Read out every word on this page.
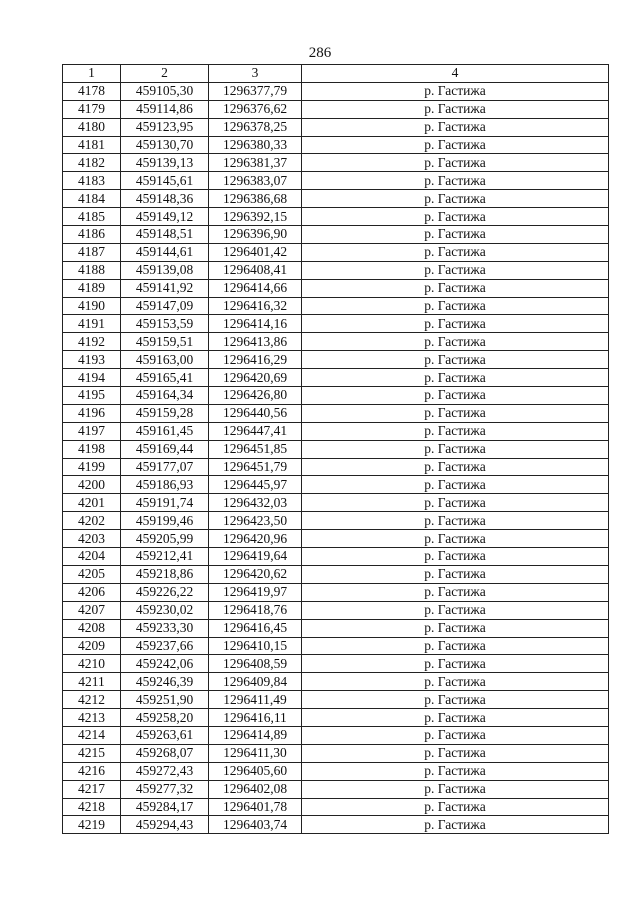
286
1	2	3	4
4178	459105,30	1296377,79	р. Гастижа
4179	459114,86	1296376,62	р. Гастижа
4180	459123,95	1296378,25	р. Гастижа
4181	459130,70	1296380,33	р. Гастижа
4182	459139,13	1296381,37	р. Гастижа
4183	459145,61	1296383,07	р. Гастижа
4184	459148,36	1296386,68	р. Гастижа
4185	459149,12	1296392,15	р. Гастижа
4186	459148,51	1296396,90	р. Гастижа
4187	459144,61	1296401,42	р. Гастижа
4188	459139,08	1296408,41	р. Гастижа
4189	459141,92	1296414,66	р. Гастижа
4190	459147,09	1296416,32	р. Гастижа
4191	459153,59	1296414,16	р. Гастижа
4192	459159,51	1296413,86	р. Гастижа
4193	459163,00	1296416,29	р. Гастижа
4194	459165,41	1296420,69	р. Гастижа
4195	459164,34	1296426,80	р. Гастижа
4196	459159,28	1296440,56	р. Гастижа
4197	459161,45	1296447,41	р. Гастижа
4198	459169,44	1296451,85	р. Гастижа
4199	459177,07	1296451,79	р. Гастижа
4200	459186,93	1296445,97	р. Гастижа
4201	459191,74	1296432,03	р. Гастижа
4202	459199,46	1296423,50	р. Гастижа
4203	459205,99	1296420,96	р. Гастижа
4204	459212,41	1296419,64	р. Гастижа
4205	459218,86	1296420,62	р. Гастижа
4206	459226,22	1296419,97	р. Гастижа
4207	459230,02	1296418,76	р. Гастижа
4208	459233,30	1296416,45	р. Гастижа
4209	459237,66	1296410,15	р. Гастижа
4210	459242,06	1296408,59	р. Гастижа
4211	459246,39	1296409,84	р. Гастижа
4212	459251,90	1296411,49	р. Гастижа
4213	459258,20	1296416,11	р. Гастижа
4214	459263,61	1296414,89	р. Гастижа
4215	459268,07	1296411,30	р. Гастижа
4216	459272,43	1296405,60	р. Гастижа
4217	459277,32	1296402,08	р. Гастижа
4218	459284,17	1296401,78	р. Гастижа
4219	459294,43	1296403,74	р. Гастижа
